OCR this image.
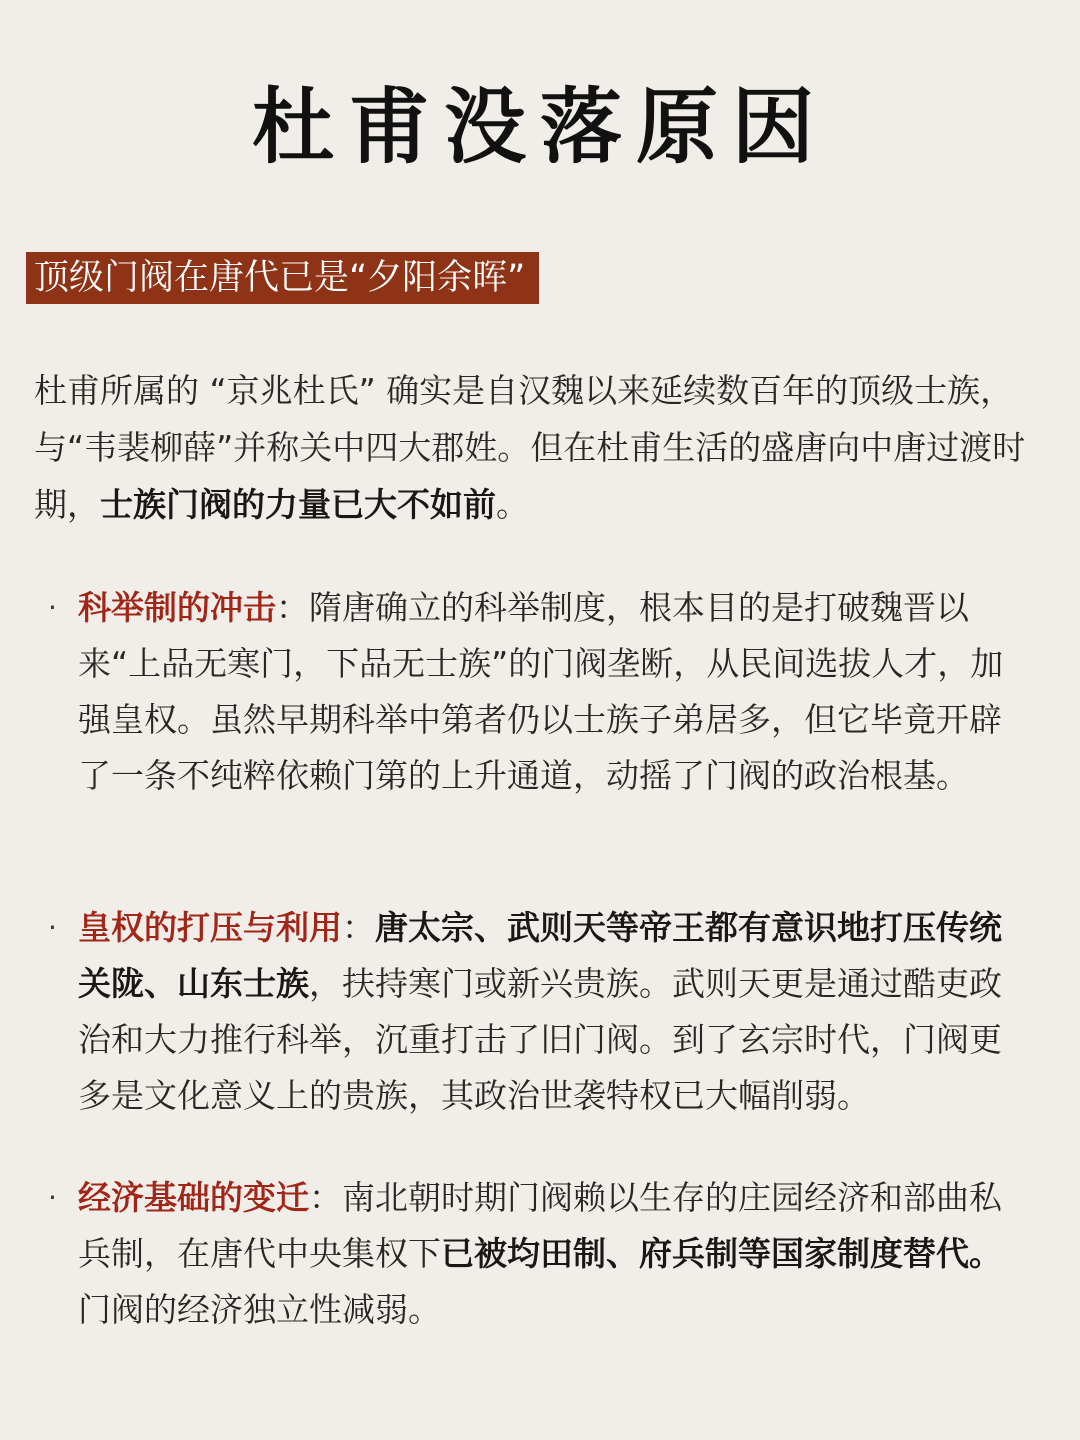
杜甫没落原因
顶级门阀在唐代已是“夕阳余晖”

杜甫所属的 “京兆杜氏” 确实是自汉魏以来延续数百年的顶级士族，与“韦裴柳薛”并称关中四大郡姓。但在杜甫生活的盛唐向中唐过渡时期，士族门阀的力量已大不如前。

· 科举制的冲击：隋唐确立的科举制度，根本目的是打破魏晋以来“上品无寒门，下品无士族”的门阀垄断，从民间选拔人才，加强皇权。虽然早期科举中第者仍以士族子弟居多，但它毕竟开辟了一条不纯粹依赖门第的上升通道，动摇了门阀的政治根基。
· 皇权的打压与利用：唐太宗、武则天等帝王都有意识地打压传统关陇、山东士族，扶持寒门或新兴贵族。武则天更是通过酷吏政治和大力推行科举，沉重打击了旧门阀。到了玄宗时代，门阀更多是文化意义上的贵族，其政治世袭特权已大幅削弱。
· 经济基础的变迁：南北朝时期门阀赖以生存的庄园经济和部曲私兵制，在唐代中央集权下已被均田制、府兵制等国家制度替代。门阀的经济独立性减弱。
